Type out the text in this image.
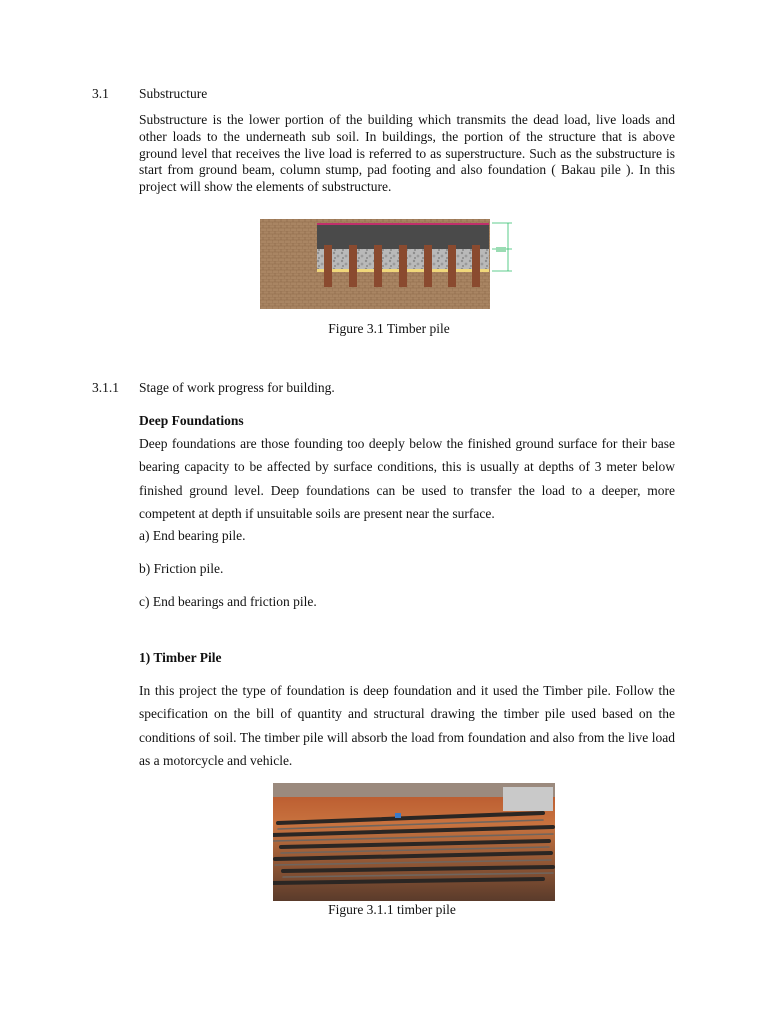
3.1 Substructure
Substructure is the lower portion of the building which transmits the dead load, live loads and other loads to the underneath sub soil. In buildings, the portion of the structure that is above ground level that receives the live load is referred to as superstructure. Such as the substructure is start from ground beam, column stump, pad footing and also foundation ( Bakau pile ). In this project will show the elements of substructure.
Figure 3.1 Timber pile
3.1.1 Stage of work progress for building.
Deep Foundations
Deep foundations are those founding too deeply below the finished ground surface for their base bearing capacity to be affected by surface conditions, this is usually at depths of 3 meter below finished ground level. Deep foundations can be used to transfer the load to a deeper, more competent at depth if unsuitable soils are present near the surface.
a) End bearing pile.
b) Friction pile.
c) End bearings and friction pile.
1) Timber Pile
In this project the type of foundation is deep foundation and it used the Timber pile. Follow the specification on the bill of quantity and structural drawing the timber pile used based on the conditions of soil. The timber pile will absorb the load from foundation and also from the live load as a motorcycle and vehicle.
Figure 3.1.1 timber pile
